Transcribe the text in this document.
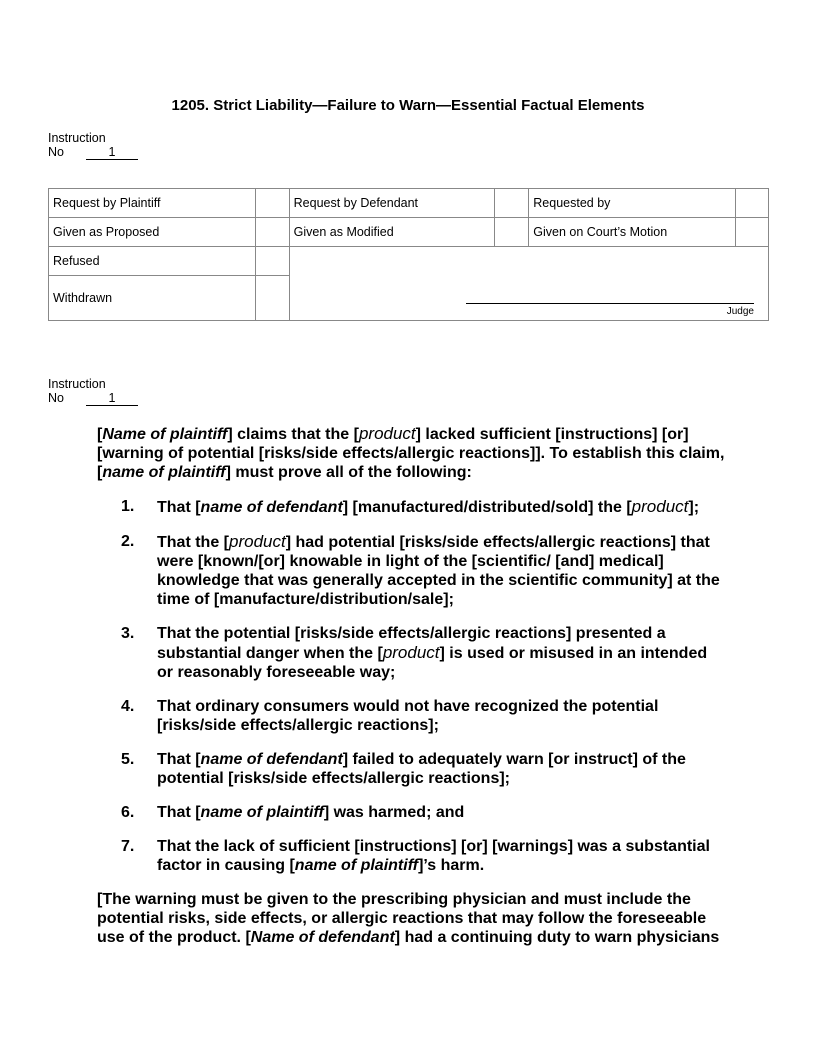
1205. Strict Liability—Failure to Warn—Essential Factual Elements
Instruction
No	1
Request by Plaintiff		Request by Defendant		Requested by	
Given as Proposed		Given as Modified		Given on Court’s Motion	
Refused		Judge			

Withdrawn					
Instruction
No	1
[Name of plaintiff] claims that the [product] lacked sufficient [instructions] [or] [warning of potential [risks/side effects/allergic reactions]]. To establish this claim, [name of plaintiff] must prove all of the following:
1. That [name of defendant] [manufactured/distributed/sold] the [product];
2. That the [product] had potential [risks/side effects/allergic reactions] that were [known/[or] knowable in light of the [scientific/ [and] medical] knowledge that was generally accepted in the scientific community] at the time of [manufacture/distribution/sale];
3. That the potential [risks/side effects/allergic reactions] presented a substantial danger when the [product] is used or misused in an intended or reasonably foreseeable way;
4. That ordinary consumers would not have recognized the potential [risks/side effects/allergic reactions];
5. That [name of defendant] failed to adequately warn [or instruct] of the potential [risks/side effects/allergic reactions];
6. That [name of plaintiff] was harmed; and
7. That the lack of sufficient [instructions] [or] [warnings] was a substantial factor in causing [name of plaintiff]’s harm.
[The warning must be given to the prescribing physician and must include the potential risks, side effects, or allergic reactions that may follow the foreseeable use of the product. [Name of defendant] had a continuing duty to warn physicians
